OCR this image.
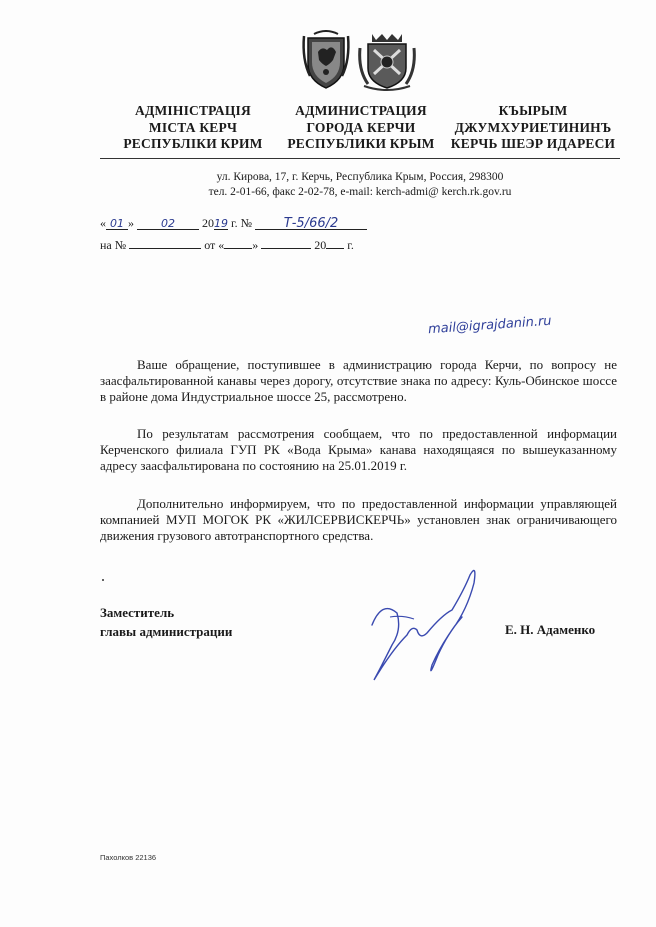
АДМІНІСТРАЦІЯ
МІСТА КЕРЧ
РЕСПУБЛІКИ КРИМ
АДМИНИСТРАЦИЯ
ГОРОДА КЕРЧИ
РЕСПУБЛИКИ КРЫМ
КЪЫРЫМ
ДЖУМХУРИЕТИНИНЪ
КЕРЧЬ ШЕЭР ИДАРЕСИ
ул. Кирова, 17, г. Керчь, Республика Крым, Россия, 298300
тел. 2-01-66, факс 2-02-78, e-mail: kerch-admi@ kerch.rk.gov.ru
« 01 » 02 2019 г. № Т-5/66/2
на №	от « »	20 г.
mail@igrajdanin.ru

Ваше обращение, поступившее в администрацию города Керчи, по вопросу не заасфальтированной канавы через дорогу, отсутствие знака по адресу: Куль-Обинское шоссе в районе дома Индустриальное шоссе 25, рассмотрено.

По результатам рассмотрения сообщаем, что по предоставленной информации Керченского филиала ГУП РК «Вода Крыма» канава находящаяся по вышеуказанному адресу заасфальтирована по состоянию на 25.01.2019 г.

Дополнительно информируем, что по предоставленной информации управляющей компанией МУП МОГОК РК «ЖИЛСЕРВИСКЕРЧЬ» установлен знак ограничивающего движения грузового автотранспортного средства.

Заместитель
главы администрации	Е. Н. Адаменко
Пахолков 22136
